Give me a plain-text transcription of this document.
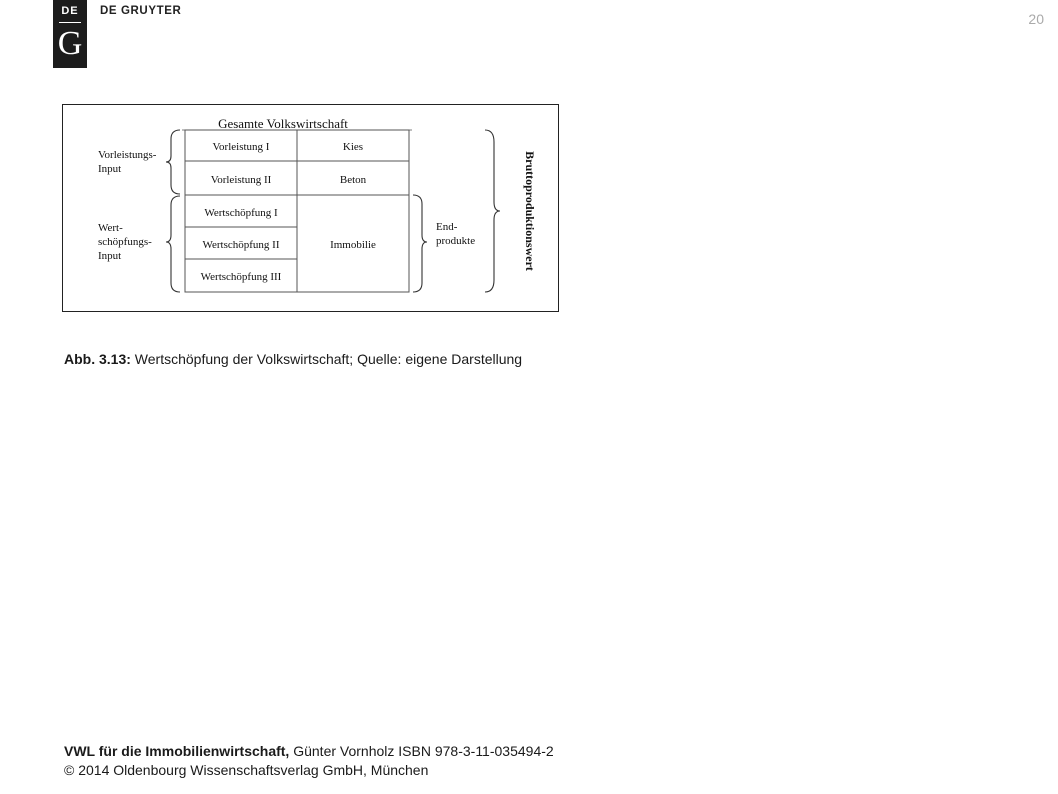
DE
G
DE GRUYTER	20
Gesamte Volkswirtschaft
Vorleistung I
Vorleistung II
Wertschöpfung I
Wertschöpfung II
Wertschöpfung III
Kies
Beton
Immobilie
Vorleistungs- Input
Wert- schöpfungs- Input
End- produkte	Bruttoproduktionswert
Abb. 3.13: Wertschöpfung der Volkswirtschaft; Quelle: eigene Darstellung
VWL für die Immobilienwirtschaft, Günter Vornholz ISBN 978-3-11-035494-2
© 2014 Oldenbourg Wissenschaftsverlag GmbH, München
